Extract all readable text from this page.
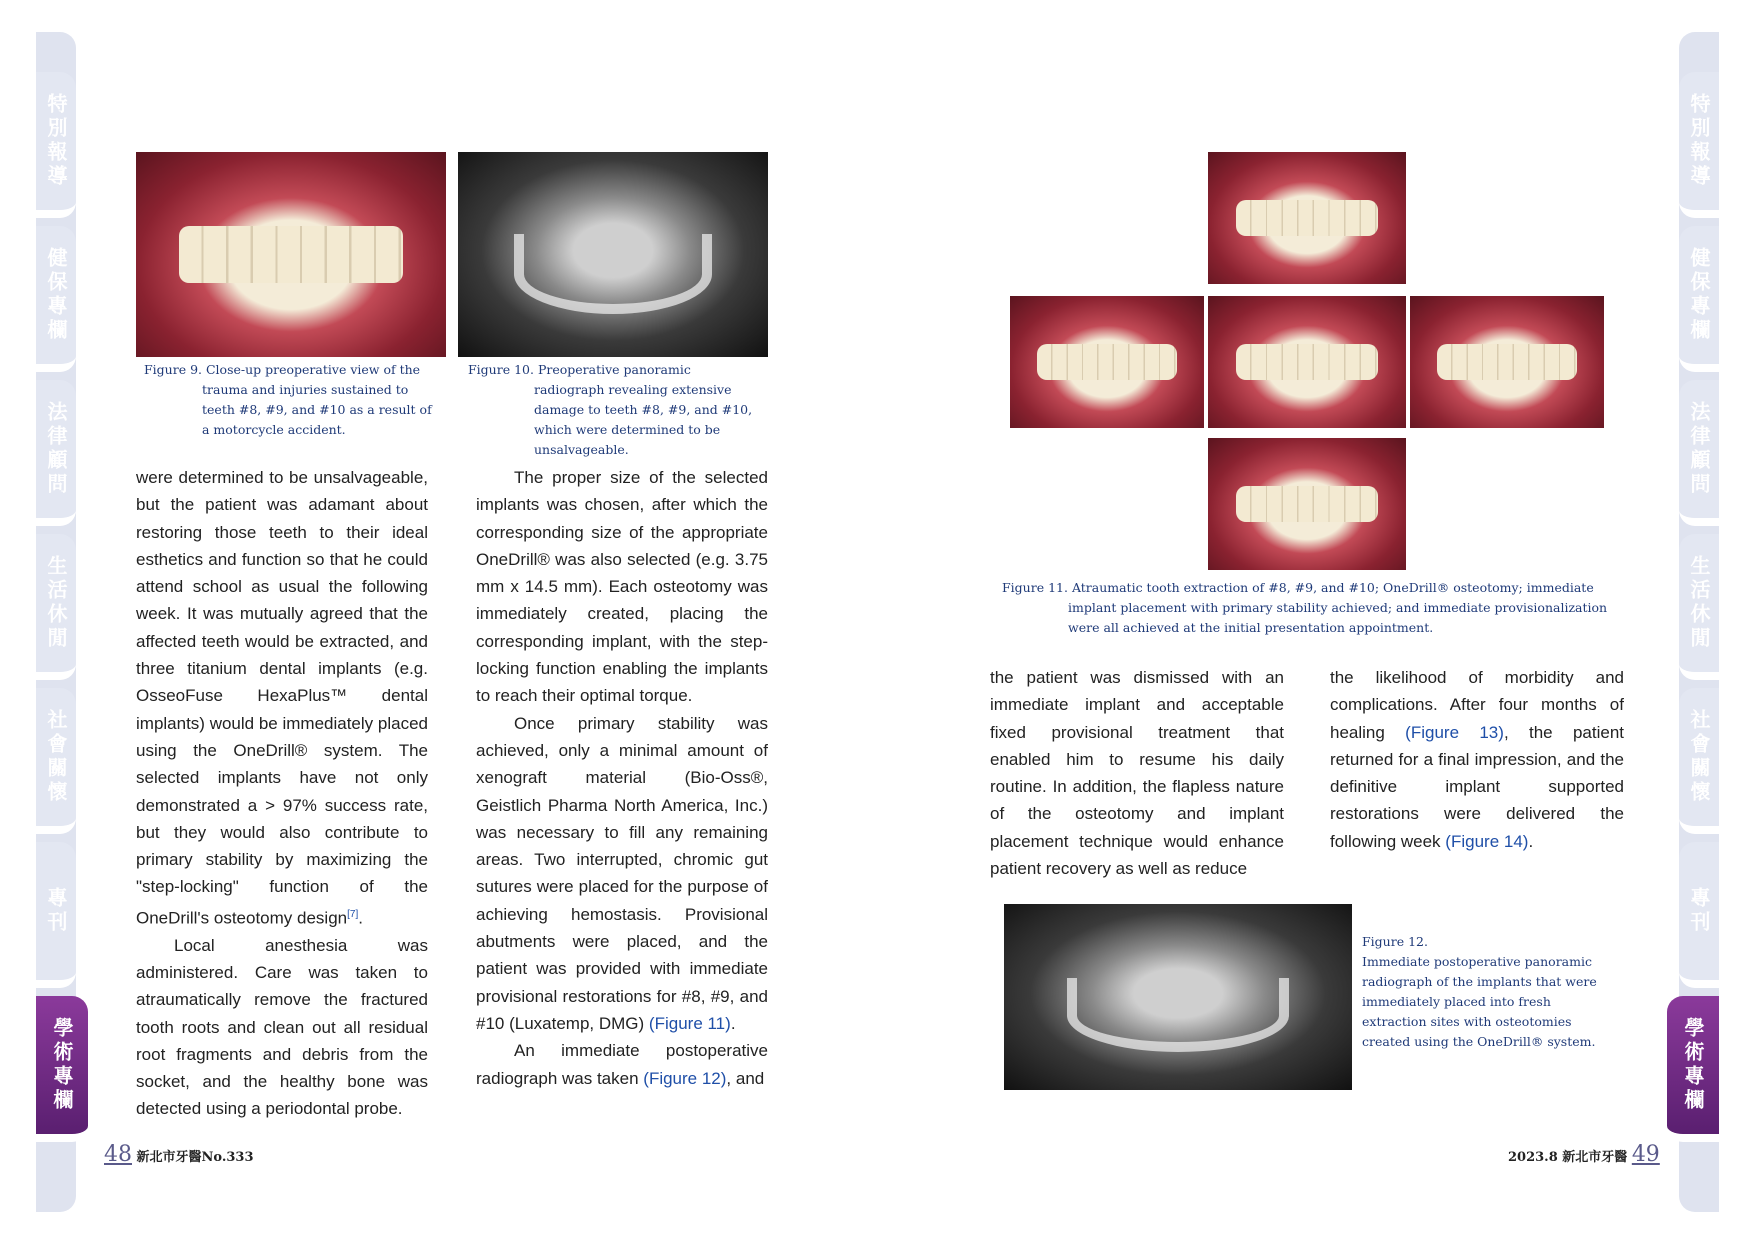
特別報導
健保專欄
法律顧問
生活休閒
社會關懷
專刊
學術專欄
特別報導
健保專欄
法律顧問
生活休閒
社會關懷
專刊
學術專欄
Figure 9. Close-up preoperative view of the trauma and injuries sustained to teeth #8, #9, and #10 as a result of a motorcycle accident.
Figure 10. Preoperative panoramic radiograph revealing extensive damage to teeth #8, #9, and #10, which were determined to be unsalvageable.

were determined to be unsalvageable, but the patient was adamant about restoring those teeth to their ideal esthetics and function so that he could attend school as usual the following week. It was mutually agreed that the affected teeth would be extracted, and three titanium dental implants (e.g. OsseoFuse HexaPlus™ dental implants) would be immediately placed using the OneDrill® system. The selected implants have not only demonstrated a > 97% success rate, but they would also contribute to primary stability by maximizing the "step-locking" function of the OneDrill's osteotomy design[7].

Local anesthesia was administered. Care was taken to atraumatically remove the fractured tooth roots and clean out all residual root fragments and debris from the socket, and the healthy bone was detected using a periodontal probe.

The proper size of the selected implants was chosen, after which the corresponding size of the appropriate OneDrill® was also selected (e.g. 3.75 mm x 14.5 mm). Each osteotomy was immediately created, placing the corresponding implant, with the step-locking function enabling the implants to reach their optimal torque.

Once primary stability was achieved, only a minimal amount of xenograft material (Bio-Oss®, Geistlich Pharma North America, Inc.) was necessary to fill any remaining areas. Two interrupted, chromic gut sutures were placed for the purpose of achieving hemostasis. Provisional abutments were placed, and the patient was provided with immediate provisional restorations for #8, #9, and #10 (Luxatemp, DMG) (Figure 11).

An immediate postoperative radiograph was taken (Figure 12), and

48 新北市牙醫No.333
Figure 11. Atraumatic tooth extraction of #8, #9, and #10; OneDrill® osteotomy; immediate implant placement with primary stability achieved; and immediate provisionalization were all achieved at the initial presentation appointment.

the patient was dismissed with an immediate implant and acceptable fixed provisional treatment that enabled him to resume his daily routine. In addition, the flapless nature of the osteotomy and implant placement technique would enhance patient recovery as well as reduce

the likelihood of morbidity and complications. After four months of healing (Figure 13), the patient returned for a final impression, and the definitive implant supported restorations were delivered the following week (Figure 14).

Figure 12.
Immediate postoperative panoramic radiograph of the implants that were immediately placed into fresh extraction sites with osteotomies created using the OneDrill® system.
2023.8 新北市牙醫 49
